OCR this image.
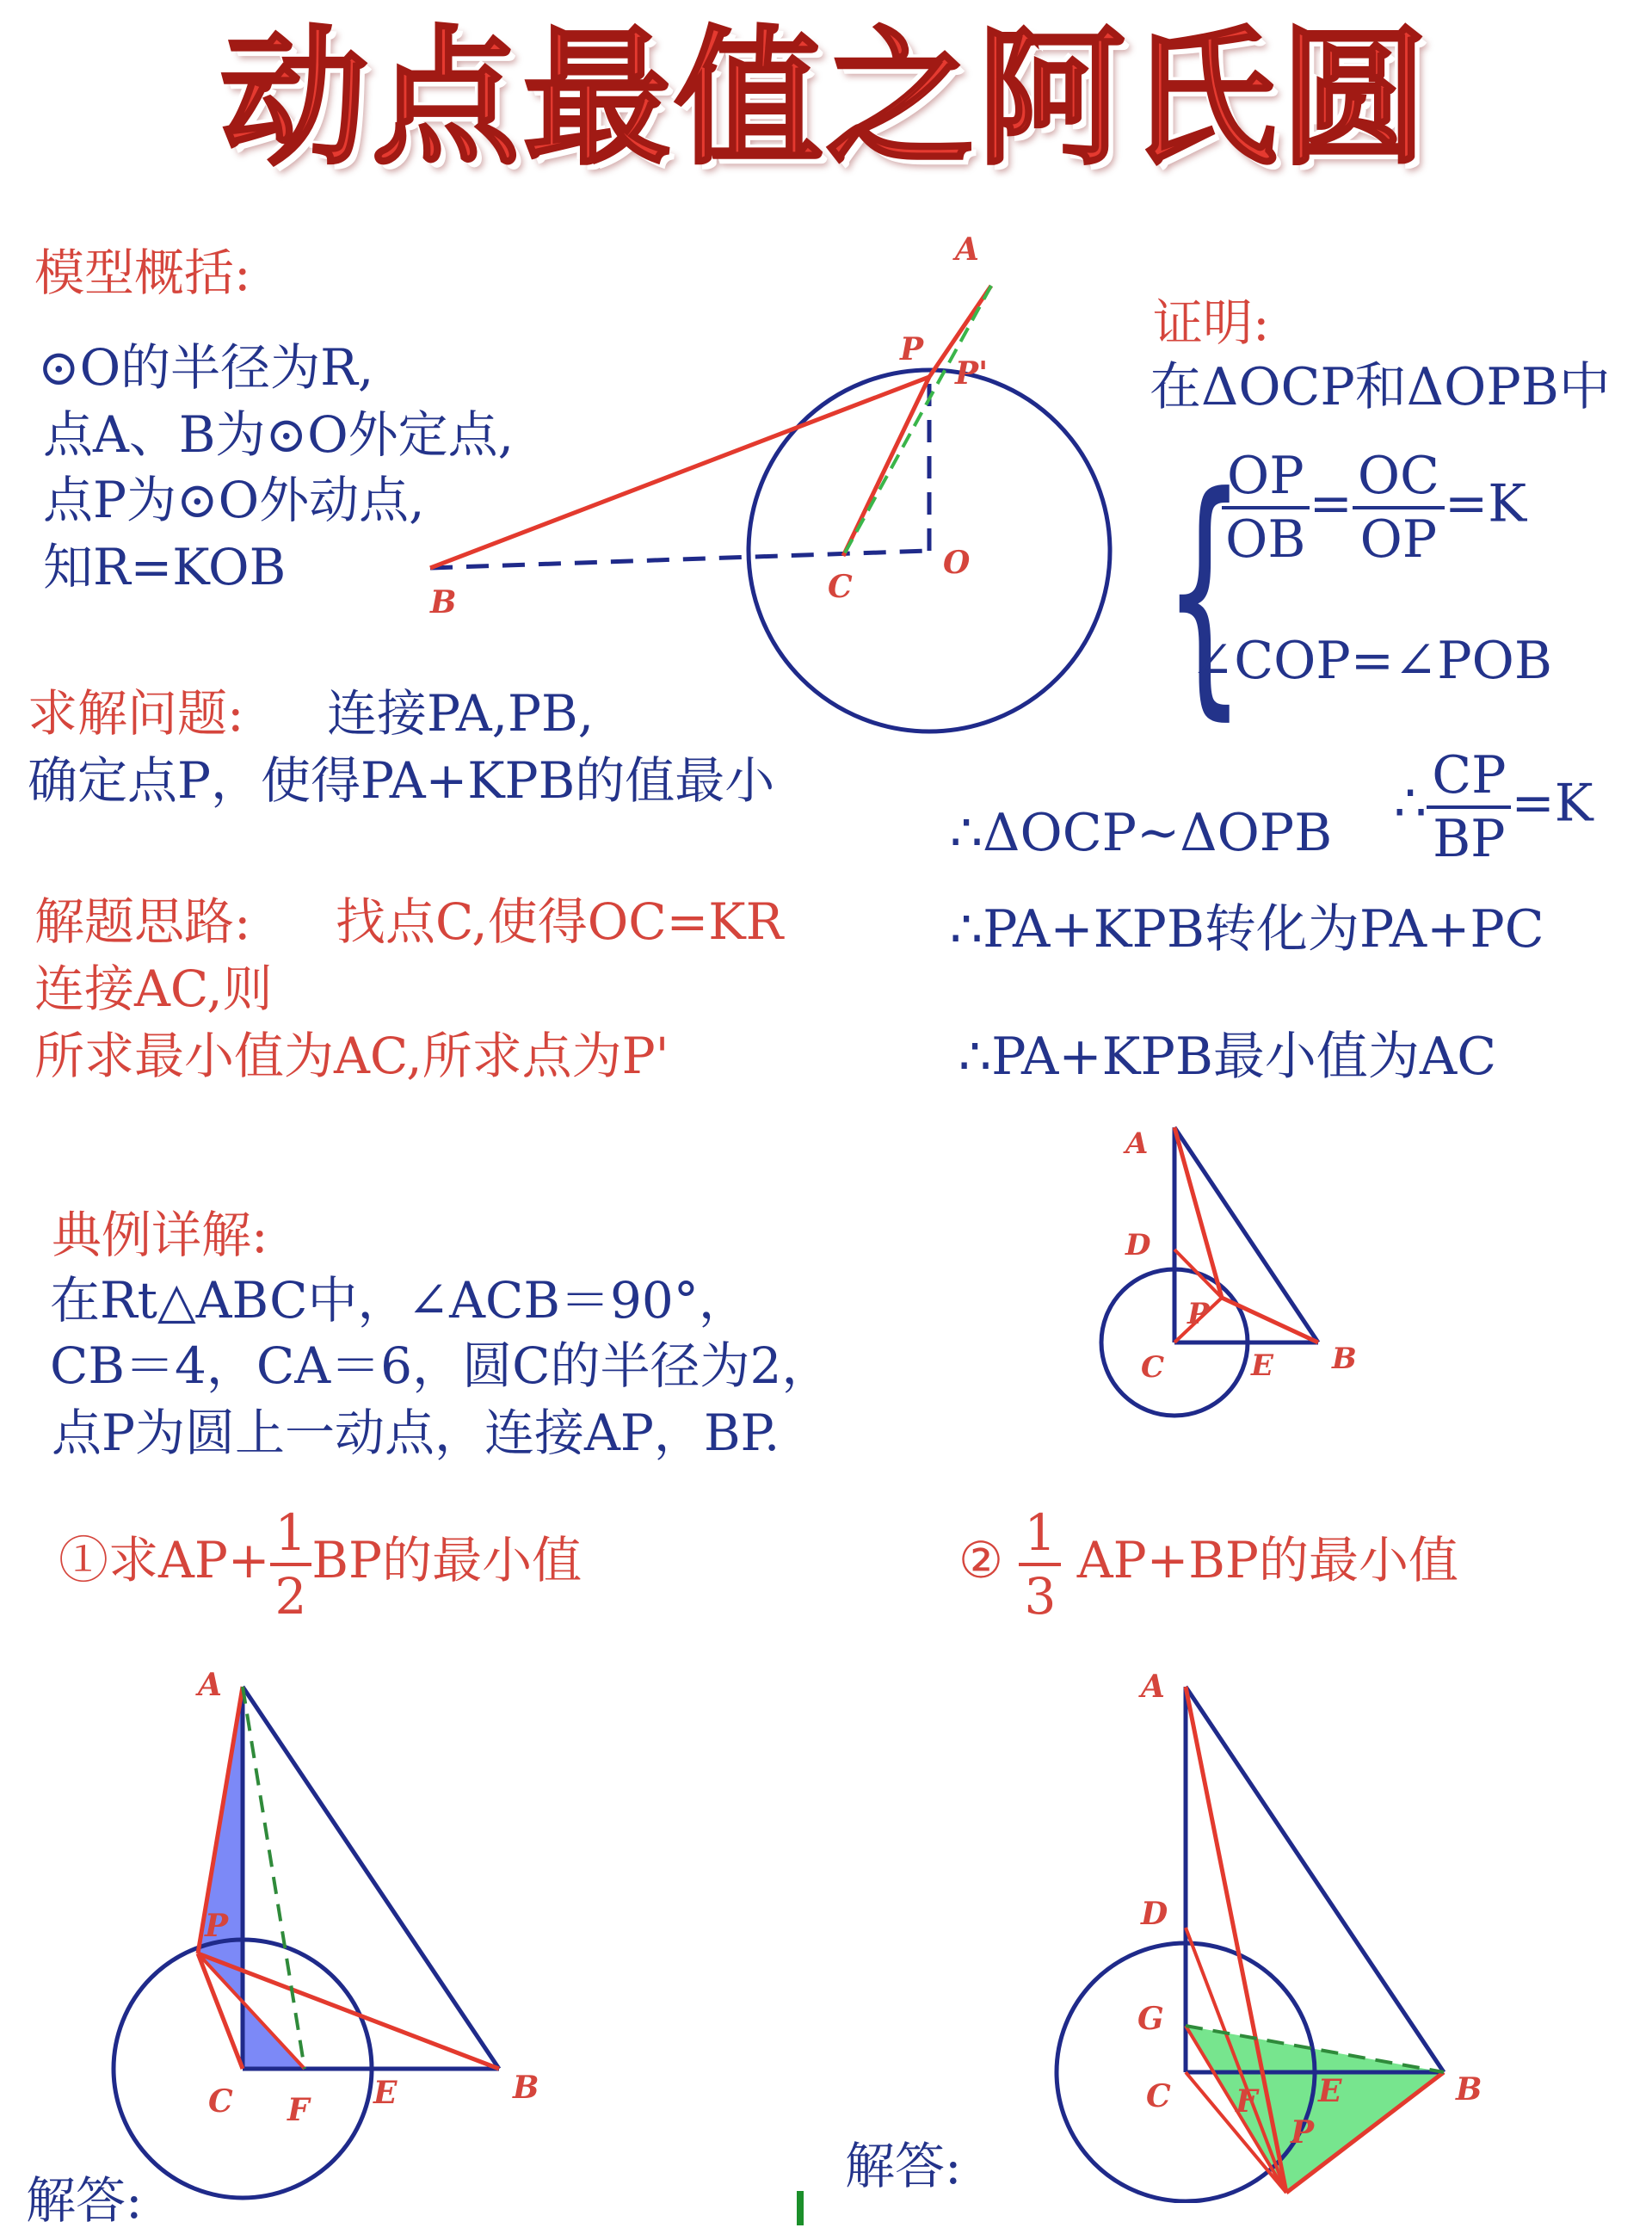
动点最值之阿氏圆
模型概括:
⊙O的半径为R,
点A、B为⊙O外定点,
点P为⊙O外动点,
知R=KOB
求解问题: 连接PA,PB,
确定点P，使得PA+KPB的值最小
解题思路: 找点C,使得OC=KR
连接AC,则
所求最小值为AC,所求点为P'
证明:
在ΔOCP和ΔOPB中
{
$\frac{OP}{OB} = \frac{OC}{OP} =K$
∠COP=∠POB
∴ΔOCP~ΔOPB ∴ $\frac{CP}{BP} =K$
∴PA+KPB转化为PA+PC
∴PA+KPB最小值为AC
典例详解:
在Rt△ABC中，∠ACB＝90°，
CB＝4，CA＝6，圆C的半径为2，
点P为圆上一动点，连接AP，BP.
①求$AP+ \frac{1}{2}$ BP的最小值	② $\frac{1}{3} AP+BP$的最小值
解答:
解答:
A
P
P'
B	C
O
A
D
P
C	E B
A
P
C F E	B
A
D
G
C F
P
E	B
